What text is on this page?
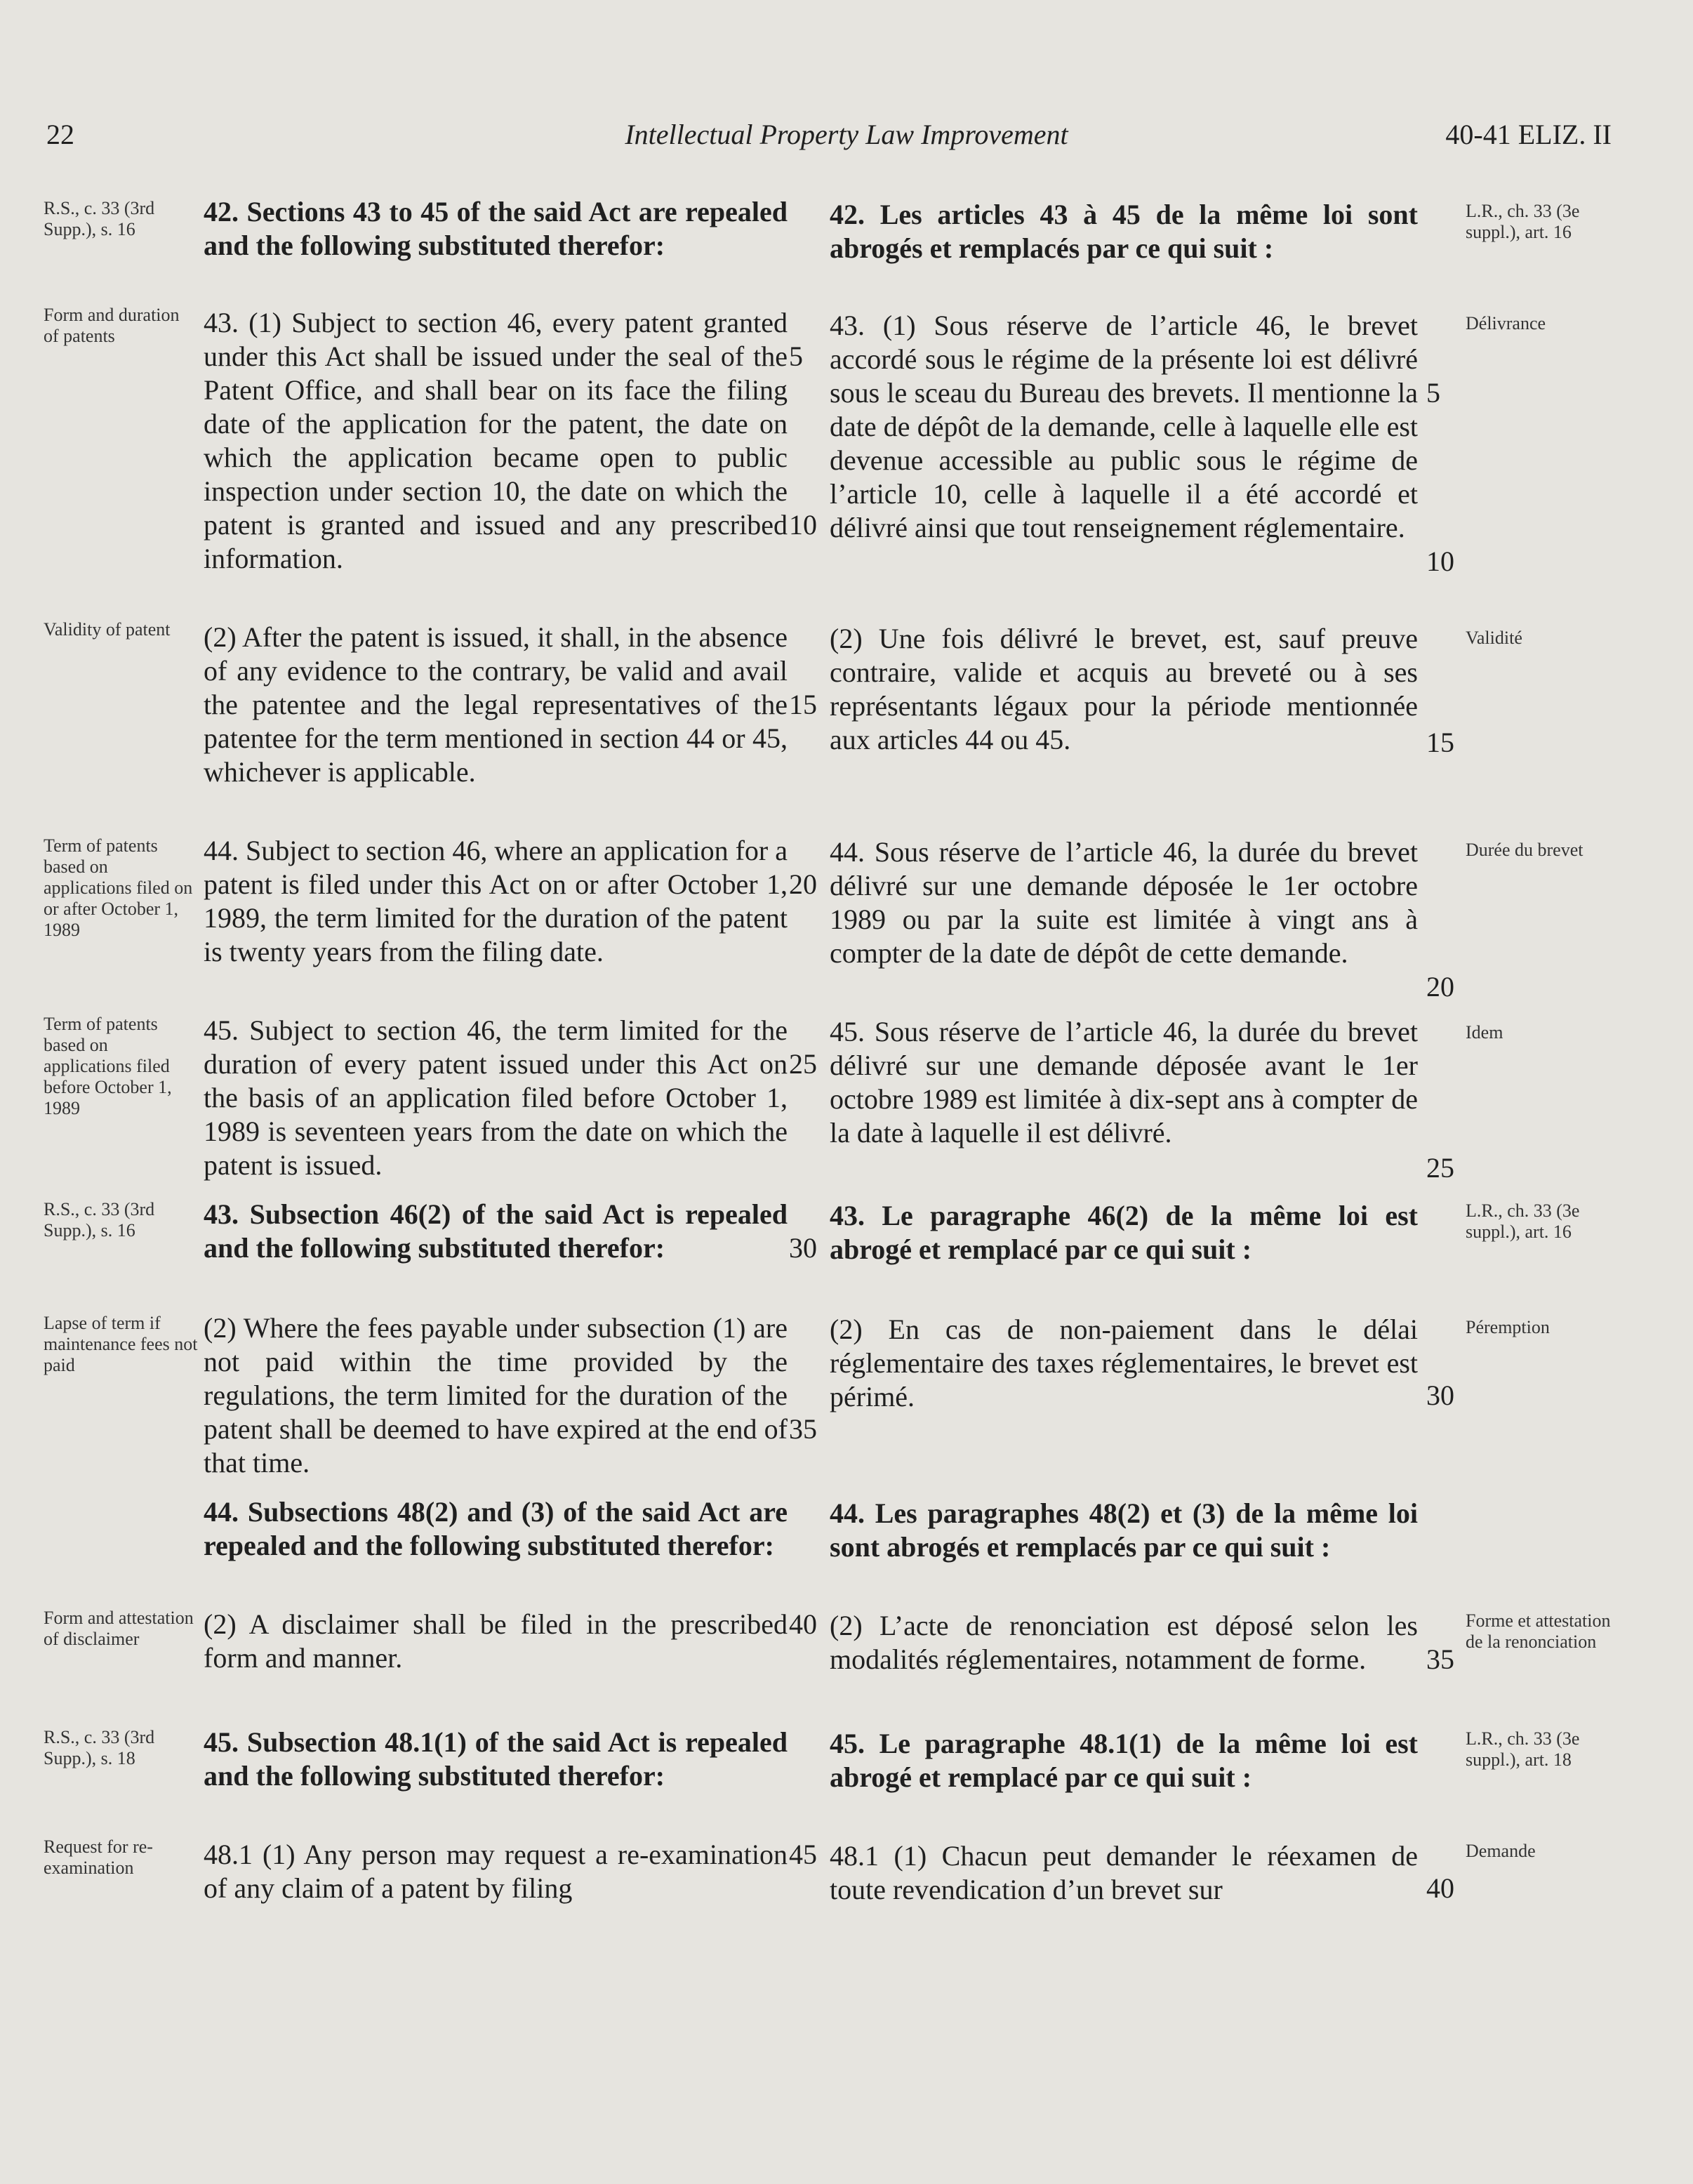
22	Intellectual Property Law Improvement	40-41 ELIZ. II
R.S., c. 33 (3rd Supp.), s. 16
Form and duration of patents
Validity of patent
Term of patents based on applications filed on or after October 1, 1989
Term of patents based on applications filed before October 1, 1989
R.S., c. 33 (3rd Supp.), s. 16
Lapse of term if maintenance fees not paid
Form and attestation of disclaimer
R.S., c. 33 (3rd Supp.), s. 18
Request for re-examination
L.R., ch. 33 (3e suppl.), art. 16
Délivrance
Validité
Durée du brevet
Idem
L.R., ch. 33 (3e suppl.), art. 16
Péremption
Forme et attestation de la renonciation
L.R., ch. 33 (3e suppl.), art. 18
Demande
42. Sections 43 to 45 of the said Act are repealed and the following substituted therefor:
43. (1) Subject to section 46, every patent granted under this Act shall be issued under the seal of the Patent Office, and shall bear on its face the filing date of the application for the patent, the date on which the application became open to public inspection under section 10, the date on which the patent is granted and issued and any prescribed information.
(2) After the patent is issued, it shall, in the absence of any evidence to the contrary, be valid and avail the patentee and the legal representatives of the patentee for the term mentioned in section 44 or 45, whichever is applicable.
44. Subject to section 46, where an application for a patent is filed under this Act on or after October 1, 1989, the term limited for the duration of the patent is twenty years from the filing date.
45. Subject to section 46, the term limited for the duration of every patent issued under this Act on the basis of an application filed before October 1, 1989 is seventeen years from the date on which the patent is issued.
43. Subsection 46(2) of the said Act is repealed and the following substituted therefor:
(2) Where the fees payable under subsection (1) are not paid within the time provided by the regulations, the term limited for the duration of the patent shall be deemed to have expired at the end of that time.
44. Subsections 48(2) and (3) of the said Act are repealed and the following substituted therefor:
(2) A disclaimer shall be filed in the prescribed form and manner.
45. Subsection 48.1(1) of the said Act is repealed and the following substituted therefor:
48.1 (1) Any person may request a re-examination of any claim of a patent by filing
42. Les articles 43 à 45 de la même loi sont abrogés et remplacés par ce qui suit :
43. (1) Sous réserve de l’article 46, le brevet accordé sous le régime de la présente loi est délivré sous le sceau du Bureau des brevets. Il mentionne la date de dépôt de la demande, celle à laquelle elle est devenue accessible au public sous le régime de l’article 10, celle à laquelle il a été accordé et délivré ainsi que tout renseignement réglementaire.
(2) Une fois délivré le brevet, est, sauf preuve contraire, valide et acquis au breveté ou à ses représentants légaux pour la période mentionnée aux articles 44 ou 45.
44. Sous réserve de l’article 46, la durée du brevet délivré sur une demande déposée le 1er octobre 1989 ou par la suite est limitée à vingt ans à compter de la date de dépôt de cette demande.
45. Sous réserve de l’article 46, la durée du brevet délivré sur une demande déposée avant le 1er octobre 1989 est limitée à dix-sept ans à compter de la date à laquelle il est délivré.
43. Le paragraphe 46(2) de la même loi est abrogé et remplacé par ce qui suit :
(2) En cas de non-paiement dans le délai réglementaire des taxes réglementaires, le brevet est périmé.
44. Les paragraphes 48(2) et (3) de la même loi sont abrogés et remplacés par ce qui suit :
(2) L’acte de renonciation est déposé selon les modalités réglementaires, notamment de forme.
45. Le paragraphe 48.1(1) de la même loi est abrogé et remplacé par ce qui suit :
48.1 (1) Chacun peut demander le réexamen de toute revendication d’un brevet sur
5
10
15
20
25
30
35
40
45
5
10
15
20
25
30
35
40
